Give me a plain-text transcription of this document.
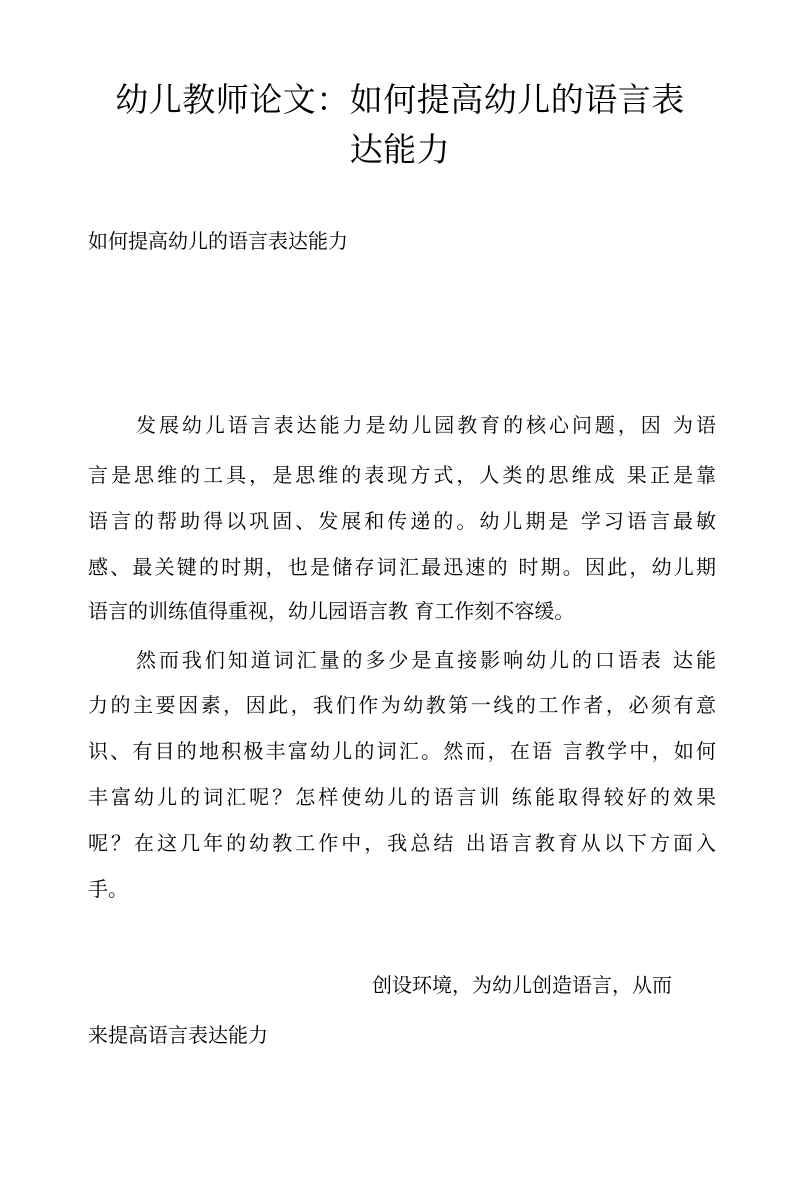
幼儿教师论文：如何提高幼儿的语言表
达能力
如何提高幼儿的语言表达能力
发展幼儿语言表达能力是幼儿园教育的核心问题，因 为语
言是思维的工具，是思维的表现方式，人类的思维成 果正是靠
语言的帮助得以巩固、发展和传递的。幼儿期是 学习语言最敏
感、最关键的时期，也是储存词汇最迅速的 时期。因此，幼儿期
语言的训练值得重视，幼儿园语言教 育工作刻不容缓。
然而我们知道词汇量的多少是直接影响幼儿的口语表 达能
力的主要因素，因此，我们作为幼教第一线的工作者，必须有意
识、有目的地积极丰富幼儿的词汇。然而，在语 言教学中，如何
丰富幼儿的词汇呢？怎样使幼儿的语言训 练能取得较好的效果
呢？在这几年的幼教工作中，我总结 出语言教育从以下方面入
手。
创设环境，为幼儿创造语言，从而
来提高语言表达能力
